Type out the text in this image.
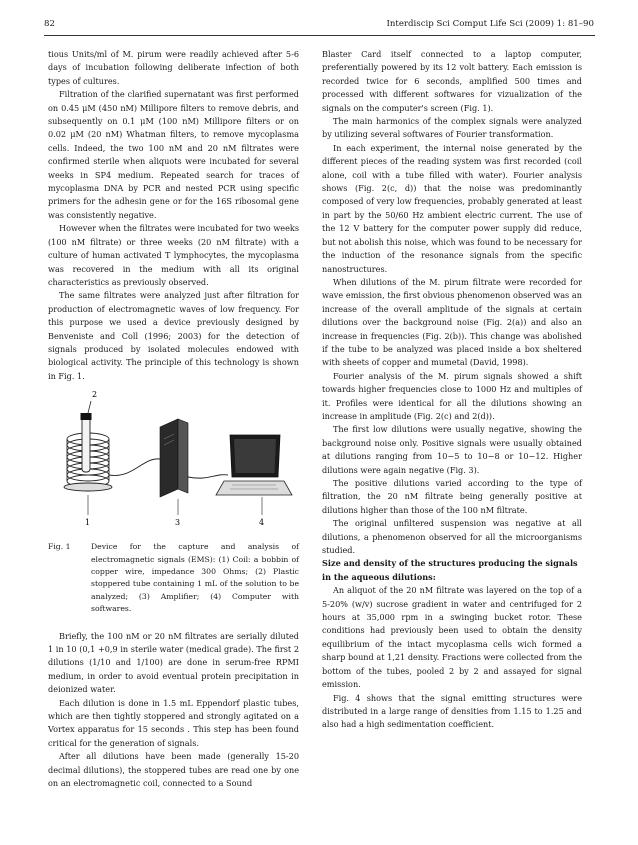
82	Interdiscip Sci Comput Life Sci (2009) 1: 81–90

tious Units/ml of M. pirum were readily achieved after 5-6 days of incubation following deliberate infection of both types of cultures.

Filtration of the clarified supernatant was first performed on 0.45 μM (450 nM) Millipore filters to remove debris, and subsequently on 0.1 μM (100 nM) Millipore filters or on 0.02 μM (20 nM) Whatman filters, to remove mycoplasma cells. Indeed, the two 100 nM and 20 nM filtrates were confirmed sterile when aliquots were incubated for several weeks in SP4 medium. Repeated search for traces of mycoplasma DNA by PCR and nested PCR using specific primers for the adhesin gene or for the 16S ribosomal gene was consistently negative.

However when the filtrates were incubated for two weeks (100 nM filtrate) or three weeks (20 nM filtrate) with a culture of human activated T lymphocytes, the mycoplasma was recovered in the medium with all its original characteristics as previously observed.

The same filtrates were analyzed just after filtration for production of electromagnetic waves of low frequency. For this purpose we used a device previously designed by Benveniste and Coll (1996; 2003) for the detection of signals produced by isolated molecules endowed with biological activity. The principle of this technology is shown in Fig. 1.

1
2
3	4
Fig. 1	Device for the capture and analysis of electromagnetic signals (EMS): (1) Coil: a bobbin of copper wire, impedance 300 Ohms; (2) Plastic stoppered tube containing 1 mL of the solution to be analyzed; (3) Amplifier; (4) Computer with softwares.

Briefly, the 100 nM or 20 nM filtrates are serially diluted 1 in 10 (0,1 +0,9 in sterile water (medical grade). The first 2 dilutions (1/10 and 1/100) are done in serum-free RPMI medium, in order to avoid eventual protein precipitation in deionized water.

Each dilution is done in 1.5 mL Eppendorf plastic tubes, which are then tightly stoppered and strongly agitated on a Vortex apparatus for 15 seconds . This step has been found critical for the generation of signals.

After all dilutions have been made (generally 15-20 decimal dilutions), the stoppered tubes are read one by one on an electromagnetic coil, connected to a Sound

Blaster Card itself connected to a laptop computer, preferentially powered by its 12 volt battery. Each emission is recorded twice for 6 seconds, amplified 500 times and processed with different softwares for vizualization of the signals on the computer's screen (Fig. 1).

The main harmonics of the complex signals were analyzed by utilizing several softwares of Fourier transformation.

In each experiment, the internal noise generated by the different pieces of the reading system was first recorded (coil alone, coil with a tube filled with water). Fourier analysis shows (Fig. 2(c, d)) that the noise was predominantly composed of very low frequencies, probably generated at least in part by the 50/60 Hz ambient electric current. The use of the 12 V battery for the computer power supply did reduce, but not abolish this noise, which was found to be necessary for the induction of the resonance signals from the specific nanostructures.

When dilutions of the M. pirum filtrate were recorded for wave emission, the first obvious phenomenon observed was an increase of the overall amplitude of the signals at certain dilutions over the background noise (Fig. 2(a)) and also an increase in frequencies (Fig. 2(b)). This change was abolished if the tube to be analyzed was placed inside a box sheltered with sheets of copper and mumetal (David, 1998).

Fourier analysis of the M. pirum signals showed a shift towards higher frequencies close to 1000 Hz and multiples of it. Profiles were identical for all the dilutions showing an increase in amplitude (Fig. 2(c) and 2(d)).

The first low dilutions were usually negative, showing the background noise only. Positive signals were usually obtained at dilutions ranging from 10−5 to 10−8 or 10−12. Higher dilutions were again negative (Fig. 3).

The positive dilutions varied according to the type of filtration, the 20 nM filtrate being generally positive at dilutions higher than those of the 100 nM filtrate.

The original unfiltered suspension was negative at all dilutions, a phenomenon observed for all the microorganisms studied.

Size and density of the structures producing the signals in the aqueous dilutions:

An aliquot of the 20 nM filtrate was layered on the top of a 5-20% (w/v) sucrose gradient in water and centrifuged for 2 hours at 35,000 rpm in a swinging bucket rotor. These conditions had previously been used to obtain the density equilibrium of the intact mycoplasma cells wich formed a sharp bound at 1,21 density. Fractions were collected from the bottom of the tubes, pooled 2 by 2 and assayed for signal emission.

Fig. 4 shows that the signal emitting structures were distributed in a large range of densities from 1.15 to 1.25 and also had a high sedimentation coefficient.
